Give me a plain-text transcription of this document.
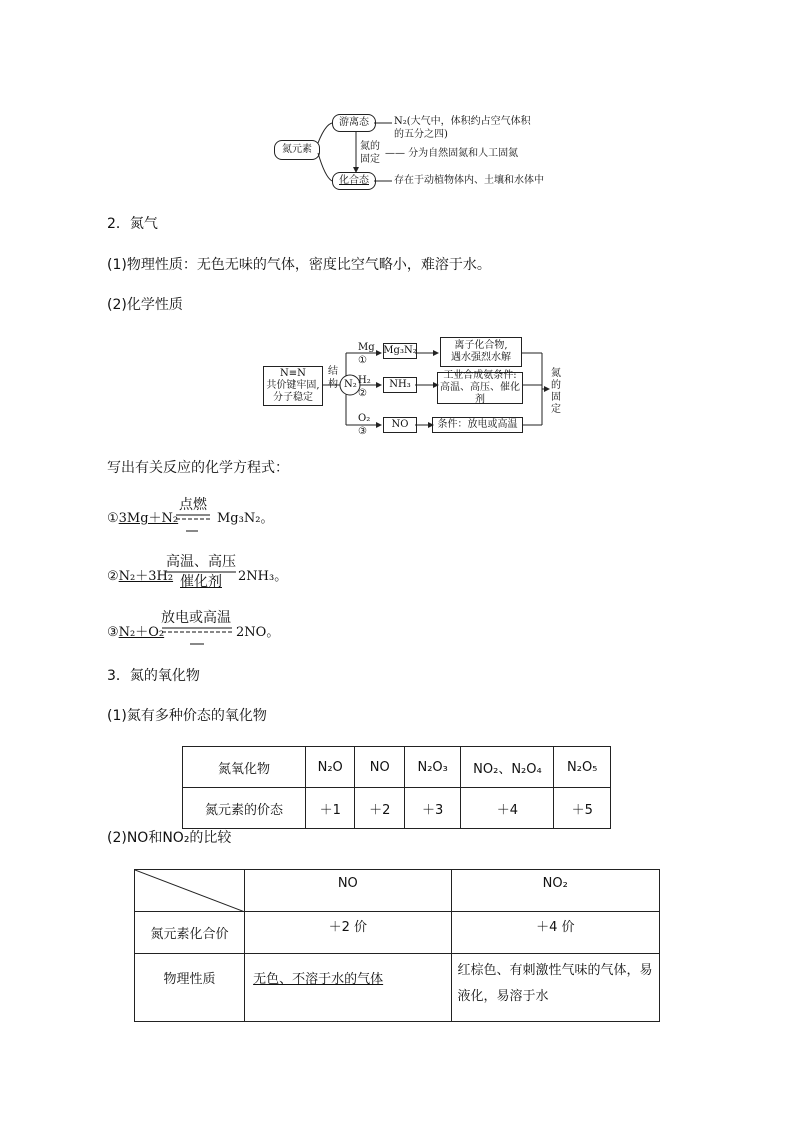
氮元素
游离态
化合态
N₂(大气中，体积约占空气体积
的五分之四)
氮的
固定
—— 分为自然固氮和人工固氮
存在于动植物体内、土壤和水体中
2．氮气
(1)物理性质：无色无味的气体，密度比空气略小，难溶于水。
(2)化学性质
N≡N
共价键牢固,
分子稳定
结
构 N₂
Mg
①
H₂
②
O₂
③
Mg₃N₂
NH₃
NO
离子化合物,
遇水强烈水解
工业合成氨条件:
高温、高压、催化剂
条件：放电或高温
氮的固定
写出有关反应的化学方程式：
①3Mg＋N₂
点燃
Mg₃N₂。
②N₂＋3H₂
高温、高压
催化剂	2NH₃。
③N₂＋O₂
放电或高温
2NO。
3．氮的氧化物
(1)氮有多种价态的氧化物
氮氧化物	N₂O	NO	N₂O₃	NO₂、N₂O₄	N₂O₅
氮元素的价态	＋1	＋2	＋3	＋4	＋5
(2)NO和NO₂的比较
	NO	NO₂
氮元素化合价	＋2 价	＋4 价
物理性质	无色、不溶于水的气体	红棕色、有刺激性气味的气体，易液化，易溶于水
